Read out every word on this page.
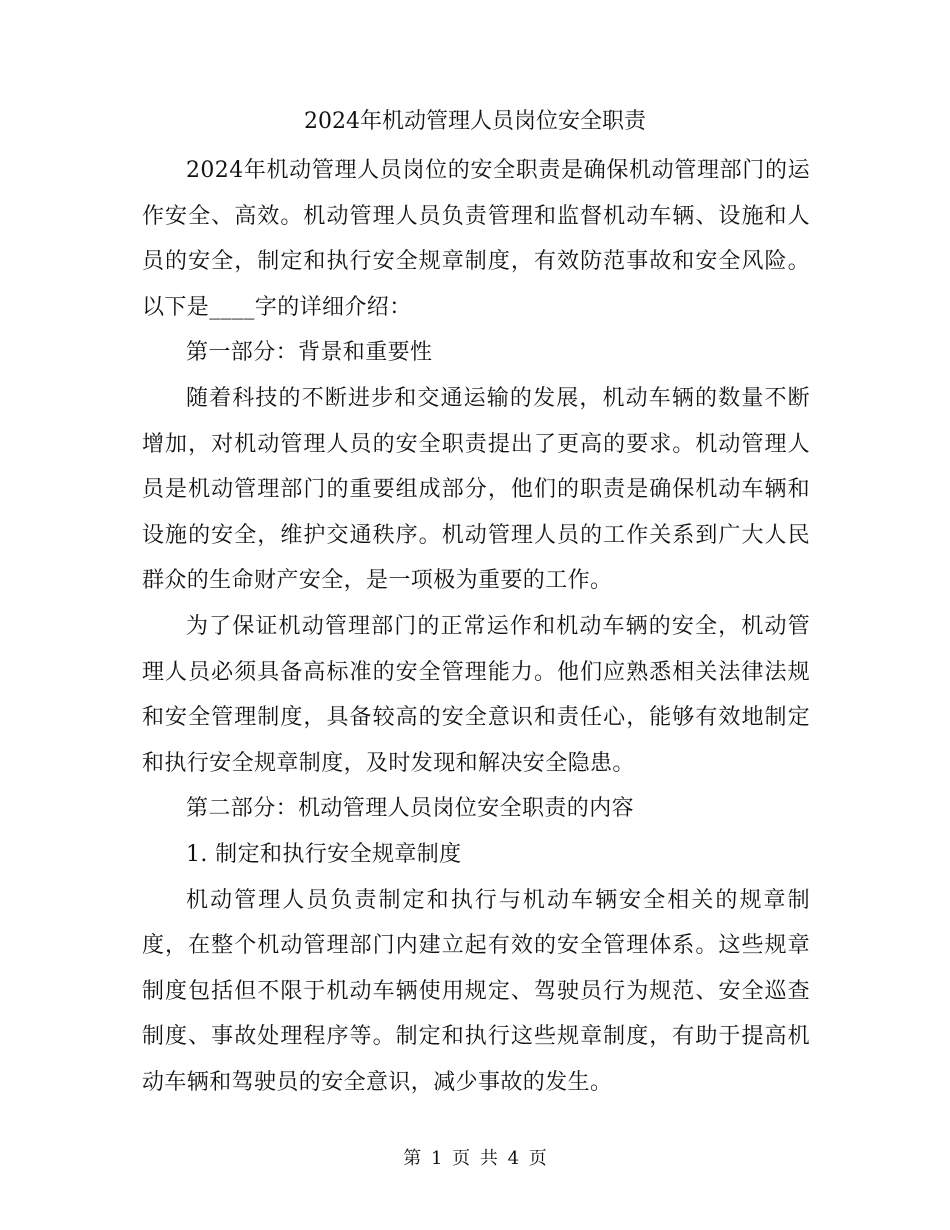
2024年机动管理人员岗位安全职责

2024年机动管理人员岗位的安全职责是确保机动管理部门的运作安全、高效。机动管理人员负责管理和监督机动车辆、设施和人员的安全，制定和执行安全规章制度，有效防范事故和安全风险。以下是____字的详细介绍：

第一部分：背景和重要性

随着科技的不断进步和交通运输的发展，机动车辆的数量不断增加，对机动管理人员的安全职责提出了更高的要求。机动管理人员是机动管理部门的重要组成部分，他们的职责是确保机动车辆和设施的安全，维护交通秩序。机动管理人员的工作关系到广大人民群众的生命财产安全，是一项极为重要的工作。

为了保证机动管理部门的正常运作和机动车辆的安全，机动管理人员必须具备高标准的安全管理能力。他们应熟悉相关法律法规和安全管理制度，具备较高的安全意识和责任心，能够有效地制定和执行安全规章制度，及时发现和解决安全隐患。

第二部分：机动管理人员岗位安全职责的内容

1. 制定和执行安全规章制度

机动管理人员负责制定和执行与机动车辆安全相关的规章制度，在整个机动管理部门内建立起有效的安全管理体系。这些规章制度包括但不限于机动车辆使用规定、驾驶员行为规范、安全巡查制度、事故处理程序等。制定和执行这些规章制度，有助于提高机动车辆和驾驶员的安全意识，减少事故的发生。

第 1 页 共 4 页
